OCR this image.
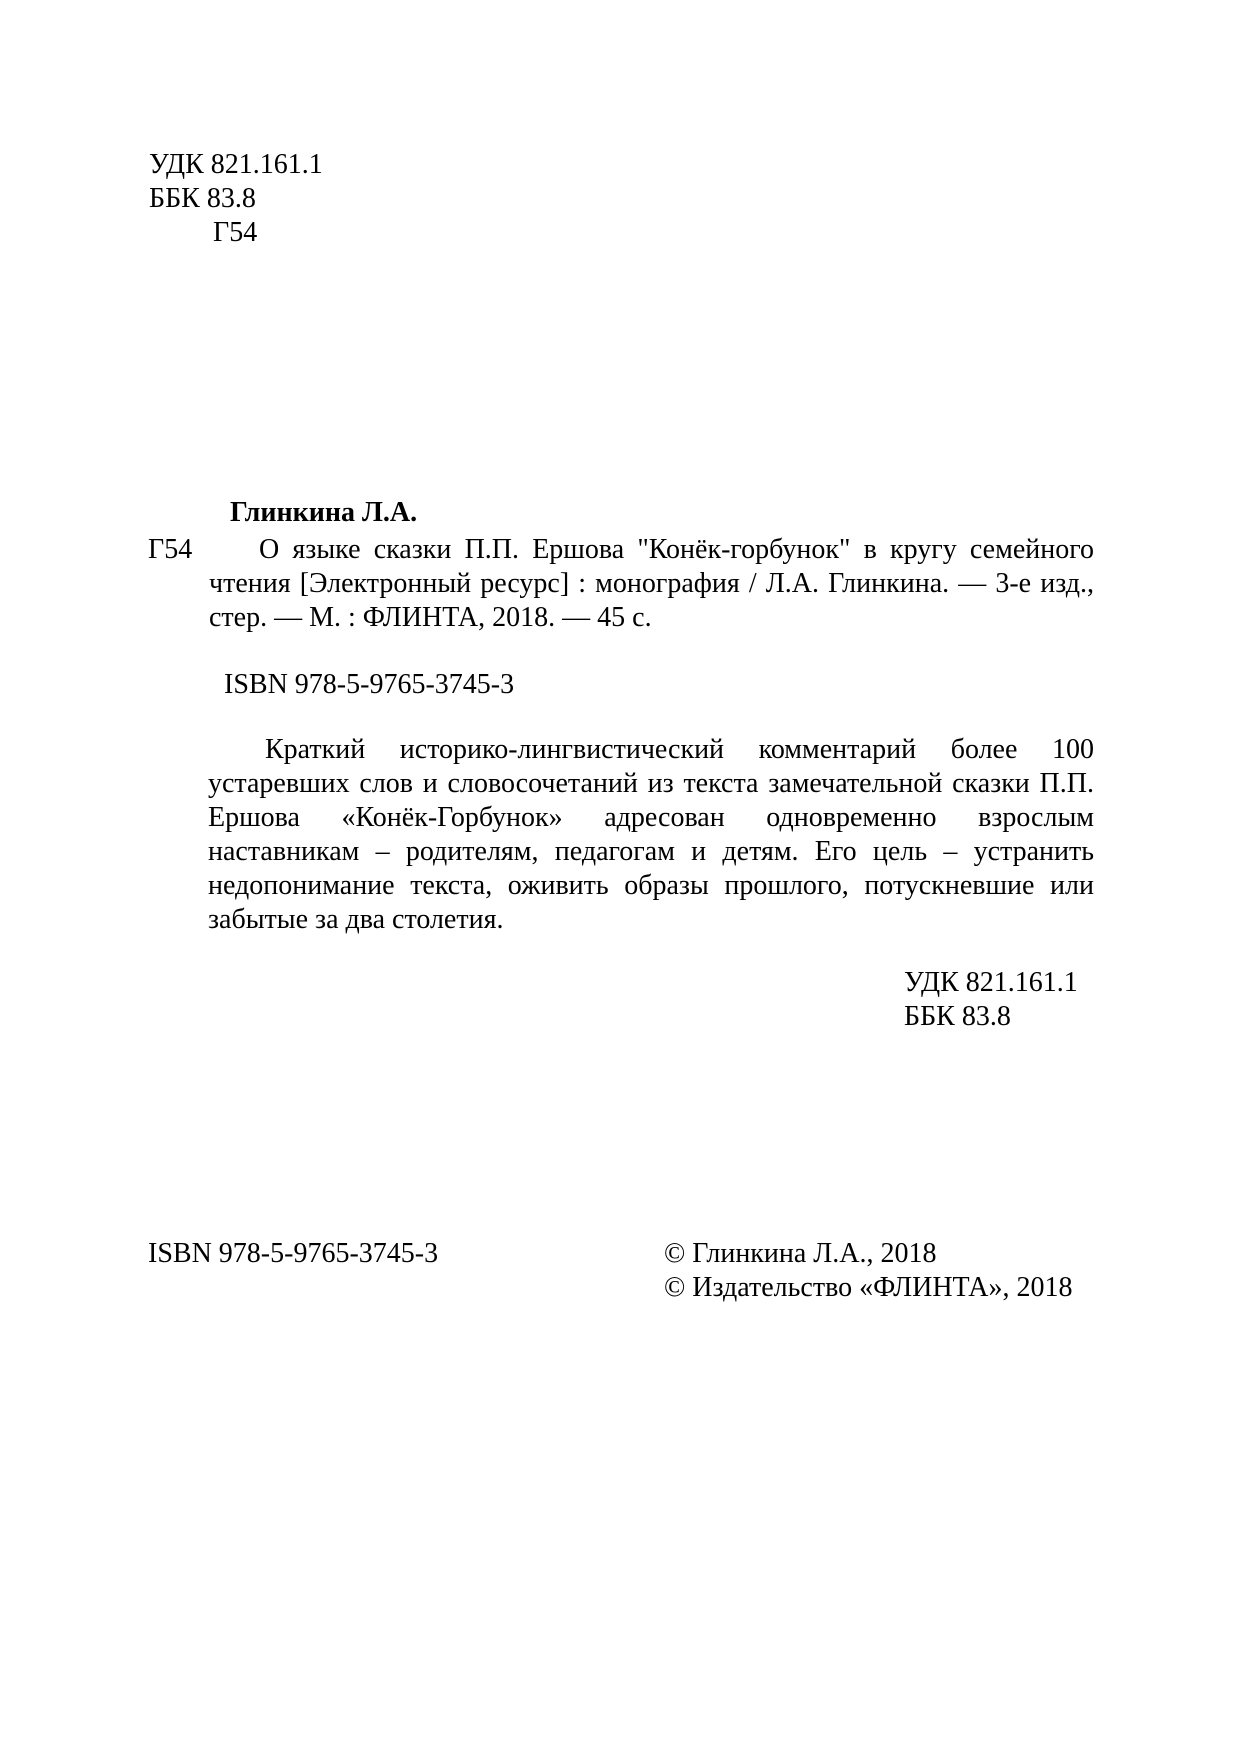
УДК 821.161.1
ББК 83.8
Г54
Глинкина Л.А.
Г54	О языке сказки П.П. Ершова "Конёк-горбунок" в кругу семейного
чтения [Электронный ресурс] : монография / Л.А. Глинкина. — 3-е изд., стер. — М. : ФЛИНТА, 2018. — 45 с.
ISBN 978-5-9765-3745-3
Краткий историко-лингвистический комментарий более 100 устаревших слов и словосочетаний из текста замечательной сказки П.П. Ершова «Конёк-Горбунок» адресован одновременно взрослым наставникам – родителям, педагогам и детям. Его цель – устранить недопонимание текста, оживить образы прошлого, потускневшие или забытые за два столетия.
УДК 821.161.1
ББК 83.8
ISBN 978-5-9765-3745-3	© Глинкина Л.А., 2018
© Издательство «ФЛИНТА», 2018
